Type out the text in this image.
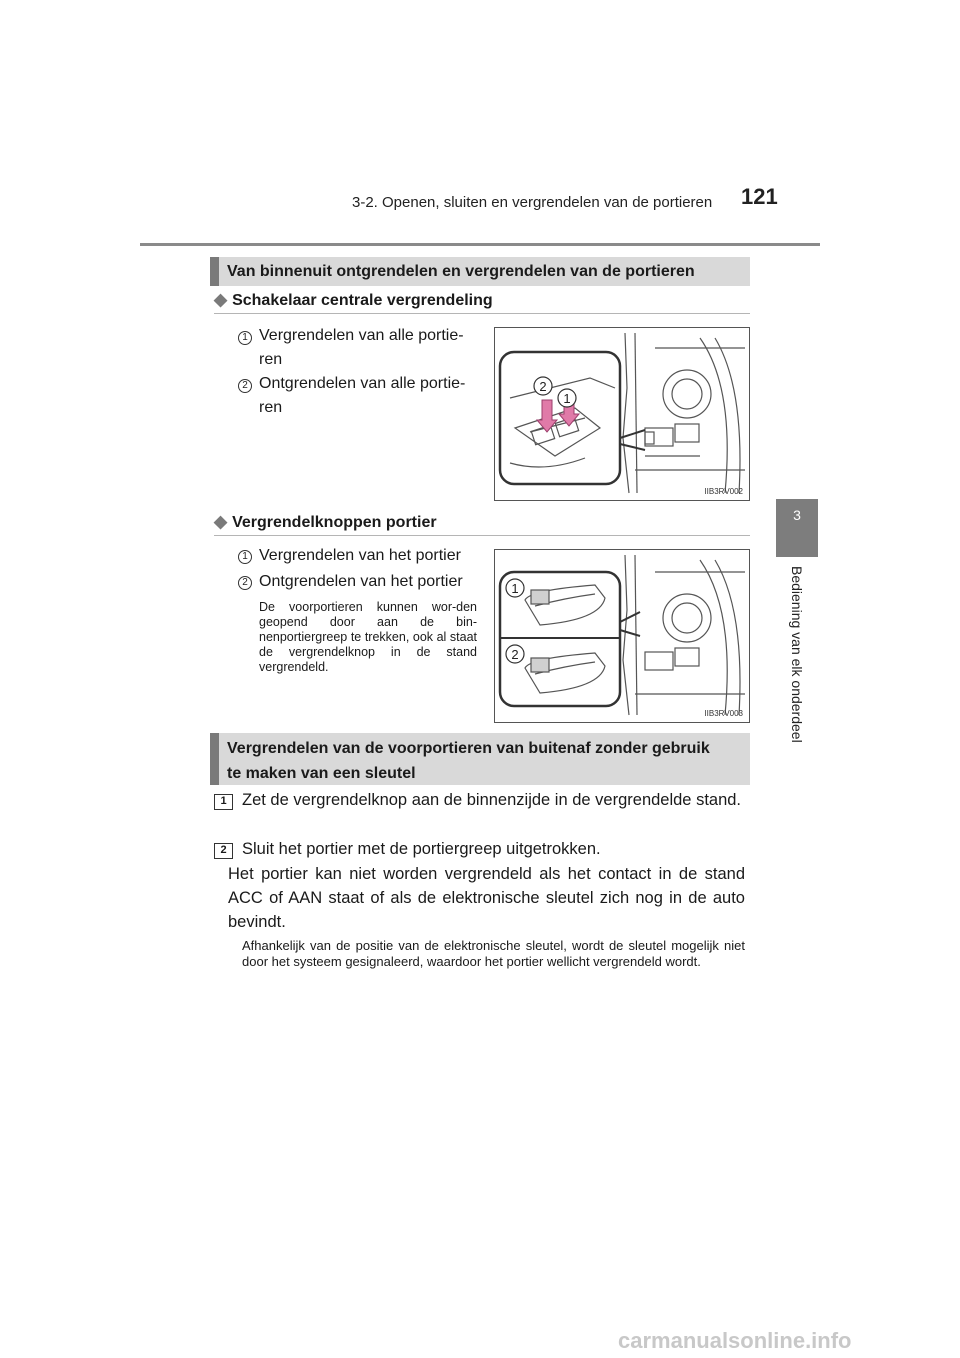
3-2. Openen, sluiten en vergrendelen van de portieren 121
3
Bediening van elk onderdeel
Van binnenuit ontgrendelen en vergrendelen van de portieren
◆ Schakelaar centrale vergrendeling
1 Vergrendelen van alle portie-
ren
2 Ontgrendelen van alle portie-
ren
2
1
IIB3RV002
◆ Vergrendelknoppen portier
1 Vergrendelen van het portier
2 Ontgrendelen van het portier
De voorportieren kunnen wor-den geopend door aan de bin-nenportiergreep te trekken, ook al staat de vergrendelknop in de stand vergrendeld.
1
2
IIB3RV003
Vergrendelen van de voorportieren van buitenaf zonder gebruik
te maken van een sleutel
1 Zet de vergrendelknop aan de binnenzijde in de vergrendelde stand.
2 Sluit het portier met de portiergreep uitgetrokken.
Het portier kan niet worden vergrendeld als het contact in de stand ACC of AAN staat of als de elektronische sleutel zich nog in de auto bevindt.
Afhankelijk van de positie van de elektronische sleutel, wordt de sleutel mogelijk niet door het systeem gesignaleerd, waardoor het portier wellicht vergrendeld wordt.
carmanualsonline.info
